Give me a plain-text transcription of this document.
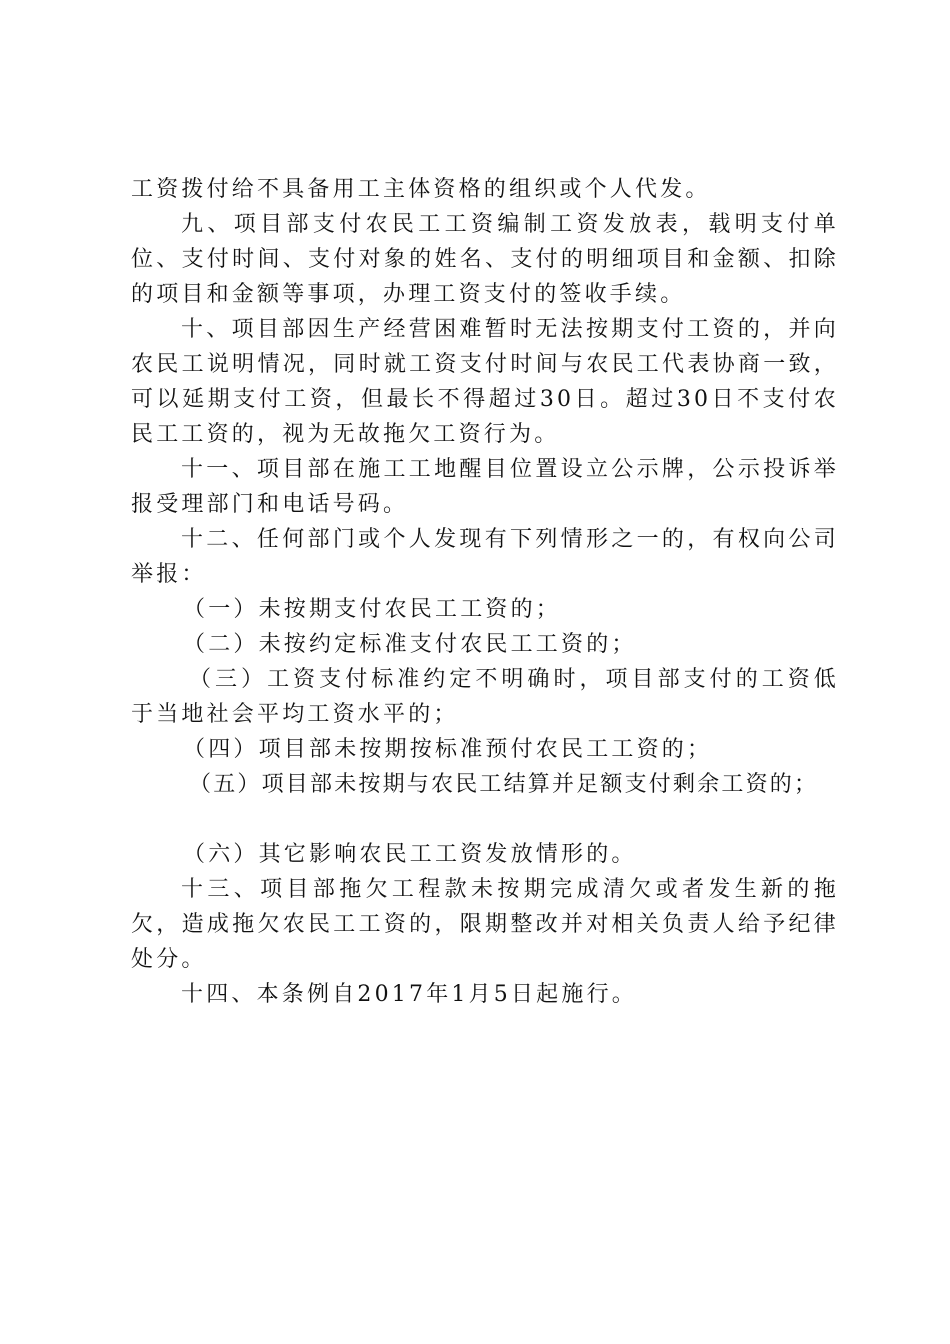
工资拨付给不具备用工主体资格的组织或个人代发。

九、项目部支付农民工工资编制工资发放表，载明支付单位、支付时间、支付对象的姓名、支付的明细项目和金额、扣除的项目和金额等事项，办理工资支付的签收手续。

十、项目部因生产经营困难暂时无法按期支付工资的，并向农民工说明情况，同时就工资支付时间与农民工代表协商一致，可以延期支付工资，但最长不得超过30日。超过30日不支付农民工工资的，视为无故拖欠工资行为。

十一、项目部在施工工地醒目位置设立公示牌，公示投诉举报受理部门和电话号码。

十二、任何部门或个人发现有下列情形之一的，有权向公司举报：

（一）未按期支付农民工工资的；

（二）未按约定标准支付农民工工资的；

（三）工资支付标准约定不明确时，项目部支付的工资低于当地社会平均工资水平的；

（四）项目部未按期按标准预付农民工工资的；

（五）项目部未按期与农民工结算并足额支付剩余工资的；

（六）其它影响农民工工资发放情形的。

十三、项目部拖欠工程款未按期完成清欠或者发生新的拖欠，造成拖欠农民工工资的，限期整改并对相关负责人给予纪律处分。

十四、本条例自2017年1月5日起施行。
